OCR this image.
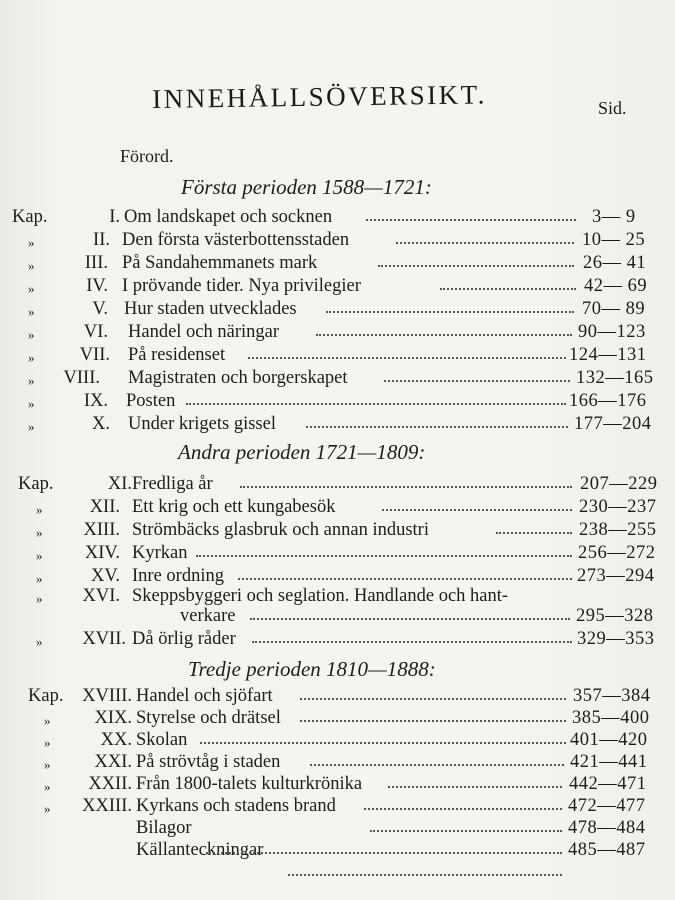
INNEHÅLLSÖVERSIKT.	Sid.
Förord.
Första perioden 1588—1721:
Andra perioden 1721—1809:
Tredje perioden 1810—1888:
Kap.	I. Om landskapet och socknen	3— 9
»	II. Den första västerbottensstaden	10— 25
»	III. På Sandahemmanets mark	26— 41
»	IV. I prövande tider. Nya privilegier	42— 69
»	V. Hur staden utvecklades	70— 89
»	VI. Handel och näringar	90—123
»	VII. På residenset	124—131
»	VIII. Magistraten och borgerskapet	132—165
»	IX. Posten	166—176
»	X. Under krigets gissel	177—204
Kap.	XI. Fredliga år	207—229
»	XII. Ett krig och ett kungabesök	230—237
»	XIII. Strömbäcks glasbruk och annan industri	238—255
»	XIV. Kyrkan	256—272
»	XV. Inre ordning	273—294
»	XVI. Skeppsbyggeri och seglation. Handlande och hant-
verkare	295—328
»	XVII. Då örlig råder	329—353
Kap.	XVIII. Handel och sjöfart	357—384
»	XIX. Styrelse och drätsel	385—400
»	XX. Skolan	401—420
»	XXI. På strövtåg i staden	421—441
»	XXII. Från 1800-talets kulturkrönika	442—471
»	XXIII. Kyrkans och stadens brand	472—477
Bilagor	478—484
Källanteckningar	485—487
